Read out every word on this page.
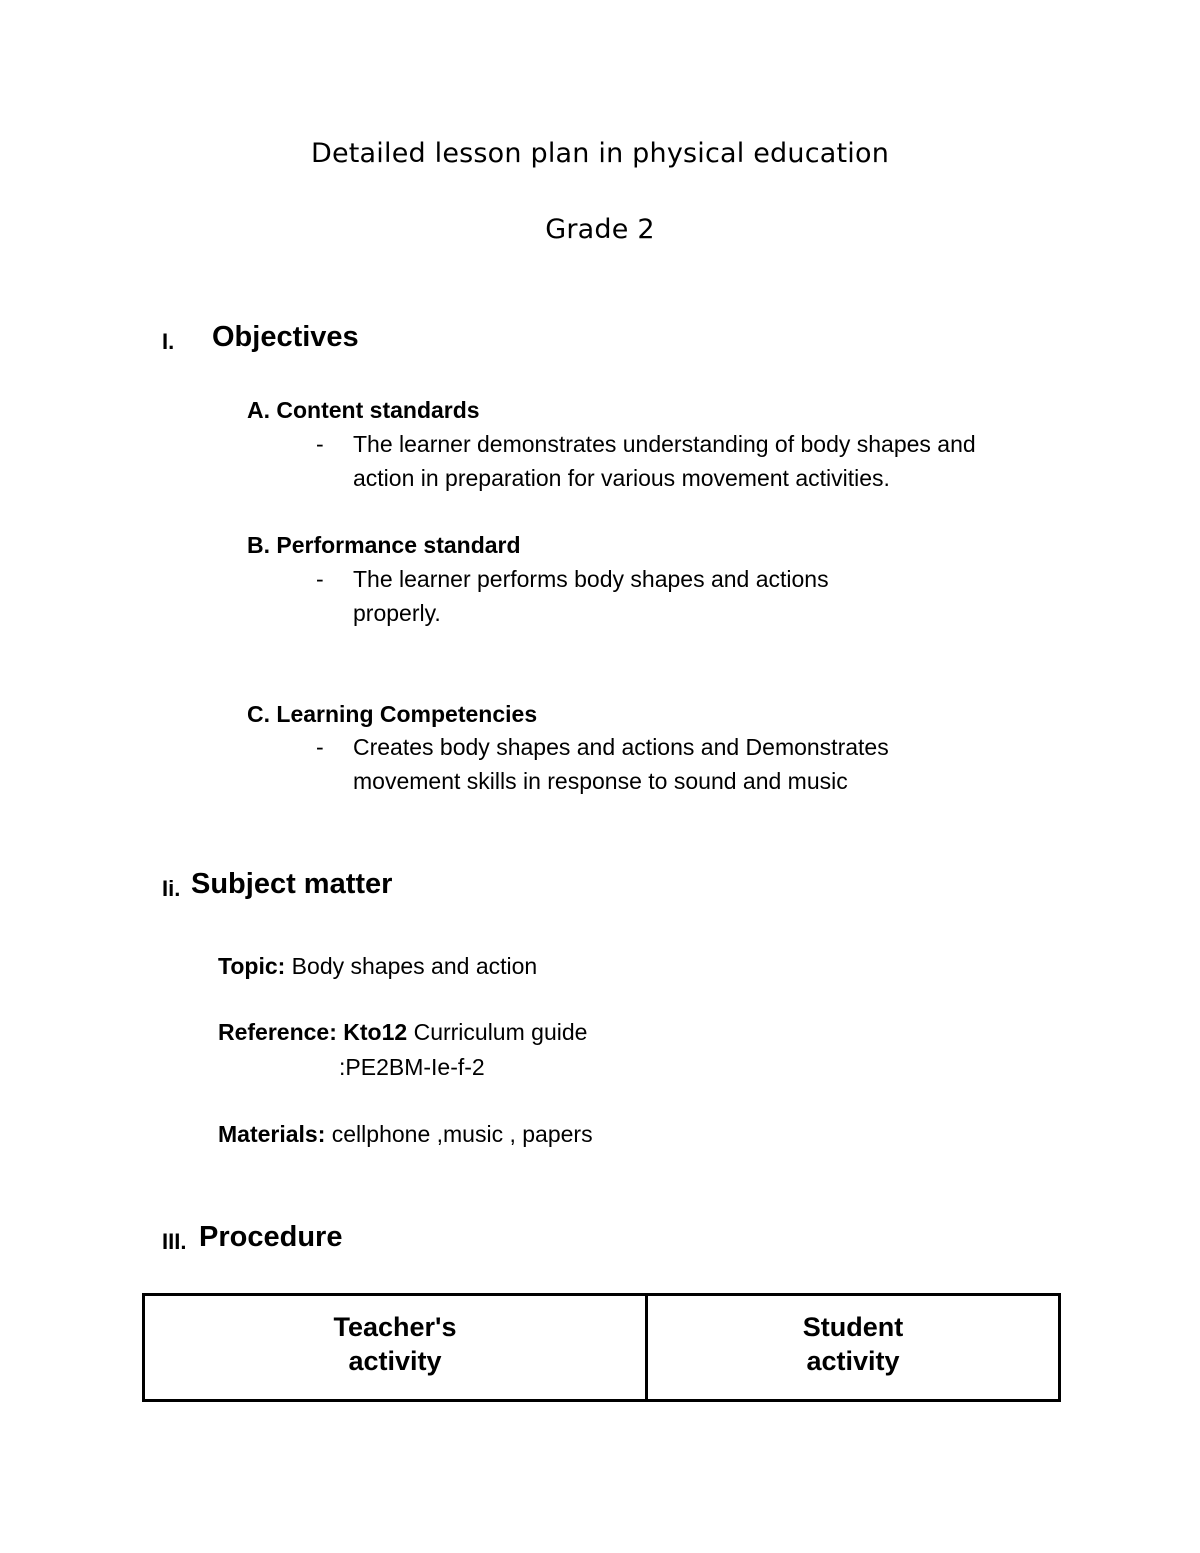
Detailed lesson plan in physical education
Grade 2
I. Objectives
A. Content standards
- The learner demonstrates understanding of body shapes and
action in preparation for various movement activities.
B. Performance standard
- The learner performs body shapes and actions
properly.
C. Learning Competencies
- Creates body shapes and actions and Demonstrates
movement skills in response to sound and music
Ii. Subject matter
Topic: Body shapes and action
Reference: Kto12 Curriculum guide
:PE2BM-Ie-f-2
Materials: cellphone ,music , papers
III. Procedure
Teacher's
activity

Student
activity
